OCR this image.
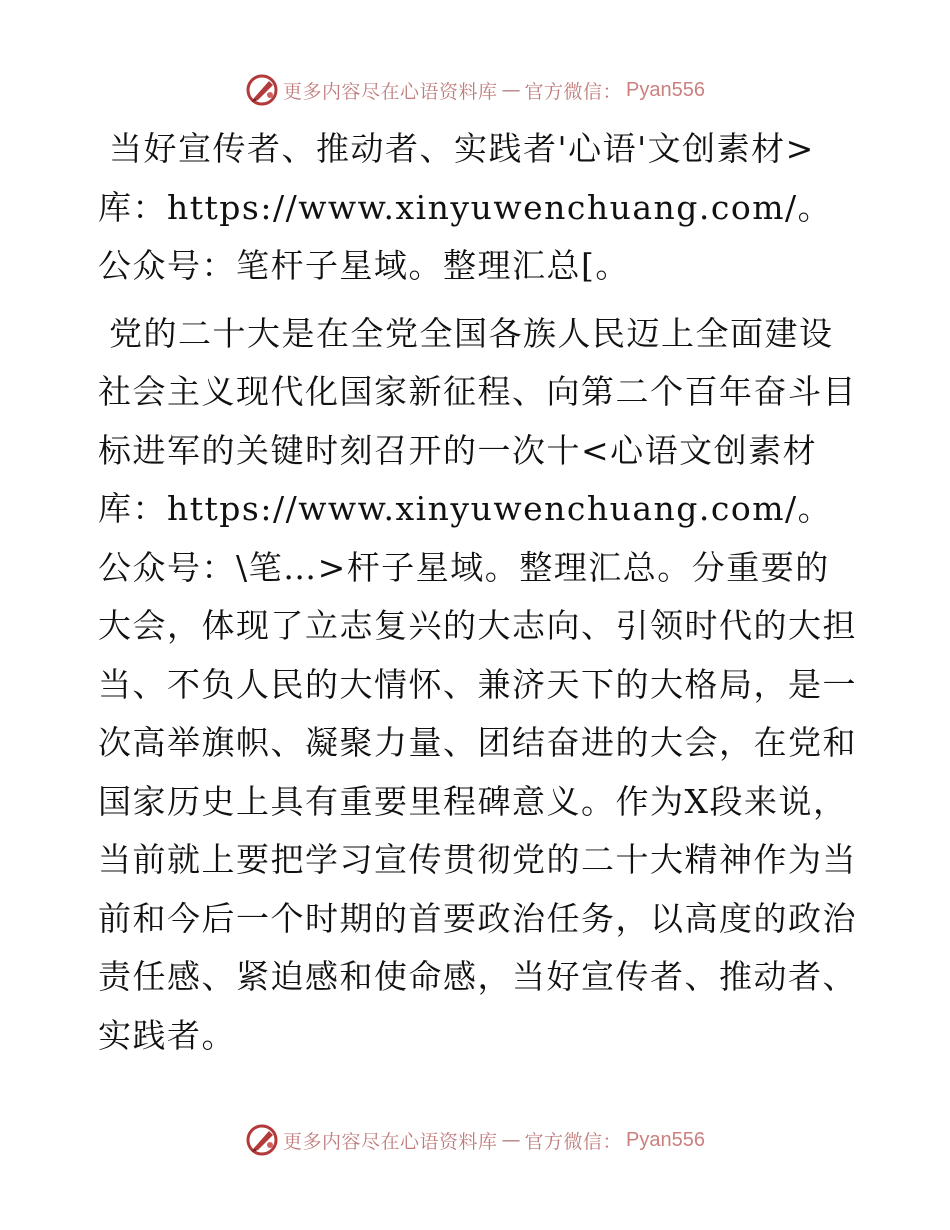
更多内容尽在心语资料库 — 官方微信： Pyan556

当好宣传者、推动者、实践者'心语'文创素材>库：https://www.xinyuwenchuang.com/。公众号：笔杆子星域。整理汇总[。

党的二十大是在全党全国各族人民迈上全面建设社会主义现代化国家新征程、向第二个百年奋斗目标进军的关键时刻召开的一次十<心语文创素材库：https://www.xinyuwenchuang.com/。公众号：\笔…>杆子星域。整理汇总。分重要的大会，体现了立志复兴的大志向、引领时代的大担当、不负人民的大情怀、兼济天下的大格局，是一次高举旗帜、凝聚力量、团结奋进的大会，在党和国家历史上具有重要里程碑意义。作为X段来说，当前就上要把学习宣传贯彻党的二十大精神作为当前和今后一个时期的首要政治任务，以高度的政治责任感、紧迫感和使命感，当好宣传者、推动者、实践者。

更多内容尽在心语资料库 — 官方微信： Pyan556
